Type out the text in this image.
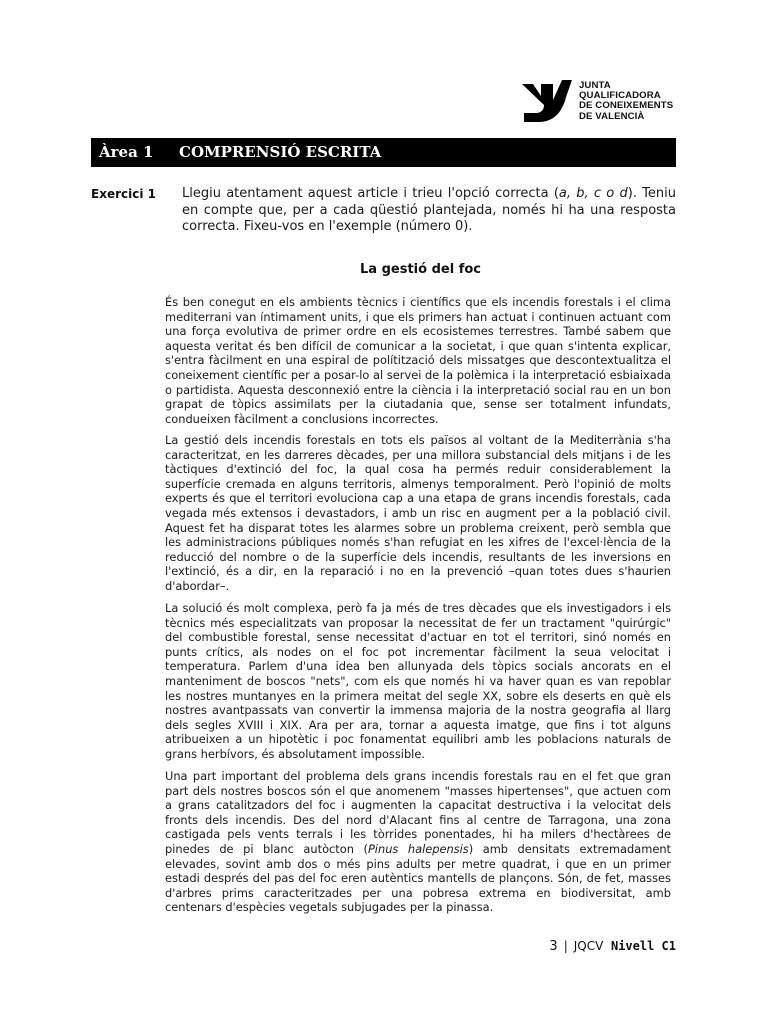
JUNTA
QUALIFICADORA
DE CONEIXEMENTS
DE VALENCIÀ
Àrea 1 COMPRENSIÓ ESCRITA
Exercici 1 Llegiu atentament aquest article i trieu l'opció correcta (a, b, c o d). Teniu en compte que, per a cada qüestió plantejada, només hi ha una resposta correcta. Fixeu-vos en l'exemple (número 0).
La gestió del foc

És ben conegut en els ambients tècnics i científics que els incendis forestals i el clima mediterrani van íntimament units, i que els primers han actuat i continuen actuant com una força evolutiva de primer ordre en els ecosistemes terrestres. També sabem que aquesta veritat és ben difícil de comunicar a la societat, i que quan s'intenta explicar, s'entra fàcilment en una espiral de polítització dels missatges que descontextualitza el coneixement científic per a posar-lo al servei de la polèmica i la interpretació esbiaixada o partidista. Aquesta desconnexió entre la ciència i la interpretació social rau en un bon grapat de tòpics assimilats per la ciutadania que, sense ser totalment infundats, condueixen fàcilment a conclusions incorrectes.

La gestió dels incendis forestals en tots els països al voltant de la Mediterrània s'ha caracteritzat, en les darreres dècades, per una millora substancial dels mitjans i de les tàctiques d'extinció del foc, la qual cosa ha permés reduir considerablement la superfície cremada en alguns territoris, almenys temporalment. Però l'opinió de molts experts és que el territori evoluciona cap a una etapa de grans incendis forestals, cada vegada més extensos i devastadors, i amb un risc en augment per a la població civil. Aquest fet ha disparat totes les alarmes sobre un problema creixent, però sembla que les administracions públiques només s'han refugiat en les xifres de l'excel·lència de la reducció del nombre o de la superfície dels incendis, resultants de les inversions en l'extinció, és a dir, en la reparació i no en la prevenció –quan totes dues s'haurien d'abordar–.

La solució és molt complexa, però fa ja més de tres dècades que els investigadors i els tècnics més especialitzats van proposar la necessitat de fer un tractament "quirúrgic" del combustible forestal, sense necessitat d'actuar en tot el territori, sinó només en punts crítics, als nodes on el foc pot incrementar fàcilment la seua velocitat i temperatura. Parlem d'una idea ben allunyada dels tòpics socials ancorats en el manteniment de boscos "nets", com els que només hi va haver quan es van repoblar les nostres muntanyes en la primera meitat del segle XX, sobre els deserts en què els nostres avantpassats van convertir la immensa majoria de la nostra geografia al llarg dels segles XVIII i XIX. Ara per ara, tornar a aquesta imatge, que fins i tot alguns atribueixen a un hipotètic i poc fonamentat equilibri amb les poblacions naturals de grans herbívors, és absolutament impossible.

Una part important del problema dels grans incendis forestals rau en el fet que gran part dels nostres boscos són el que anomenem "masses hipertenses", que actuen com a grans catalitzadors del foc i augmenten la capacitat destructiva i la velocitat dels fronts dels incendis. Des del nord d'Alacant fins al centre de Tarragona, una zona castigada pels vents terrals i les tòrrides ponentades, hi ha milers d'hectàrees de pinedes de pi blanc autòcton (Pinus halepensis) amb densitats extremadament elevades, sovint amb dos o més pins adults per metre quadrat, i que en un primer estadi després del pas del foc eren autèntics mantells de plançons. Són, de fet, masses d'arbres prims caracteritzades per una pobresa extrema en biodiversitat, amb centenars d'espècies vegetals subjugades per la pinassa.

3 | JQCV Nivell C1
